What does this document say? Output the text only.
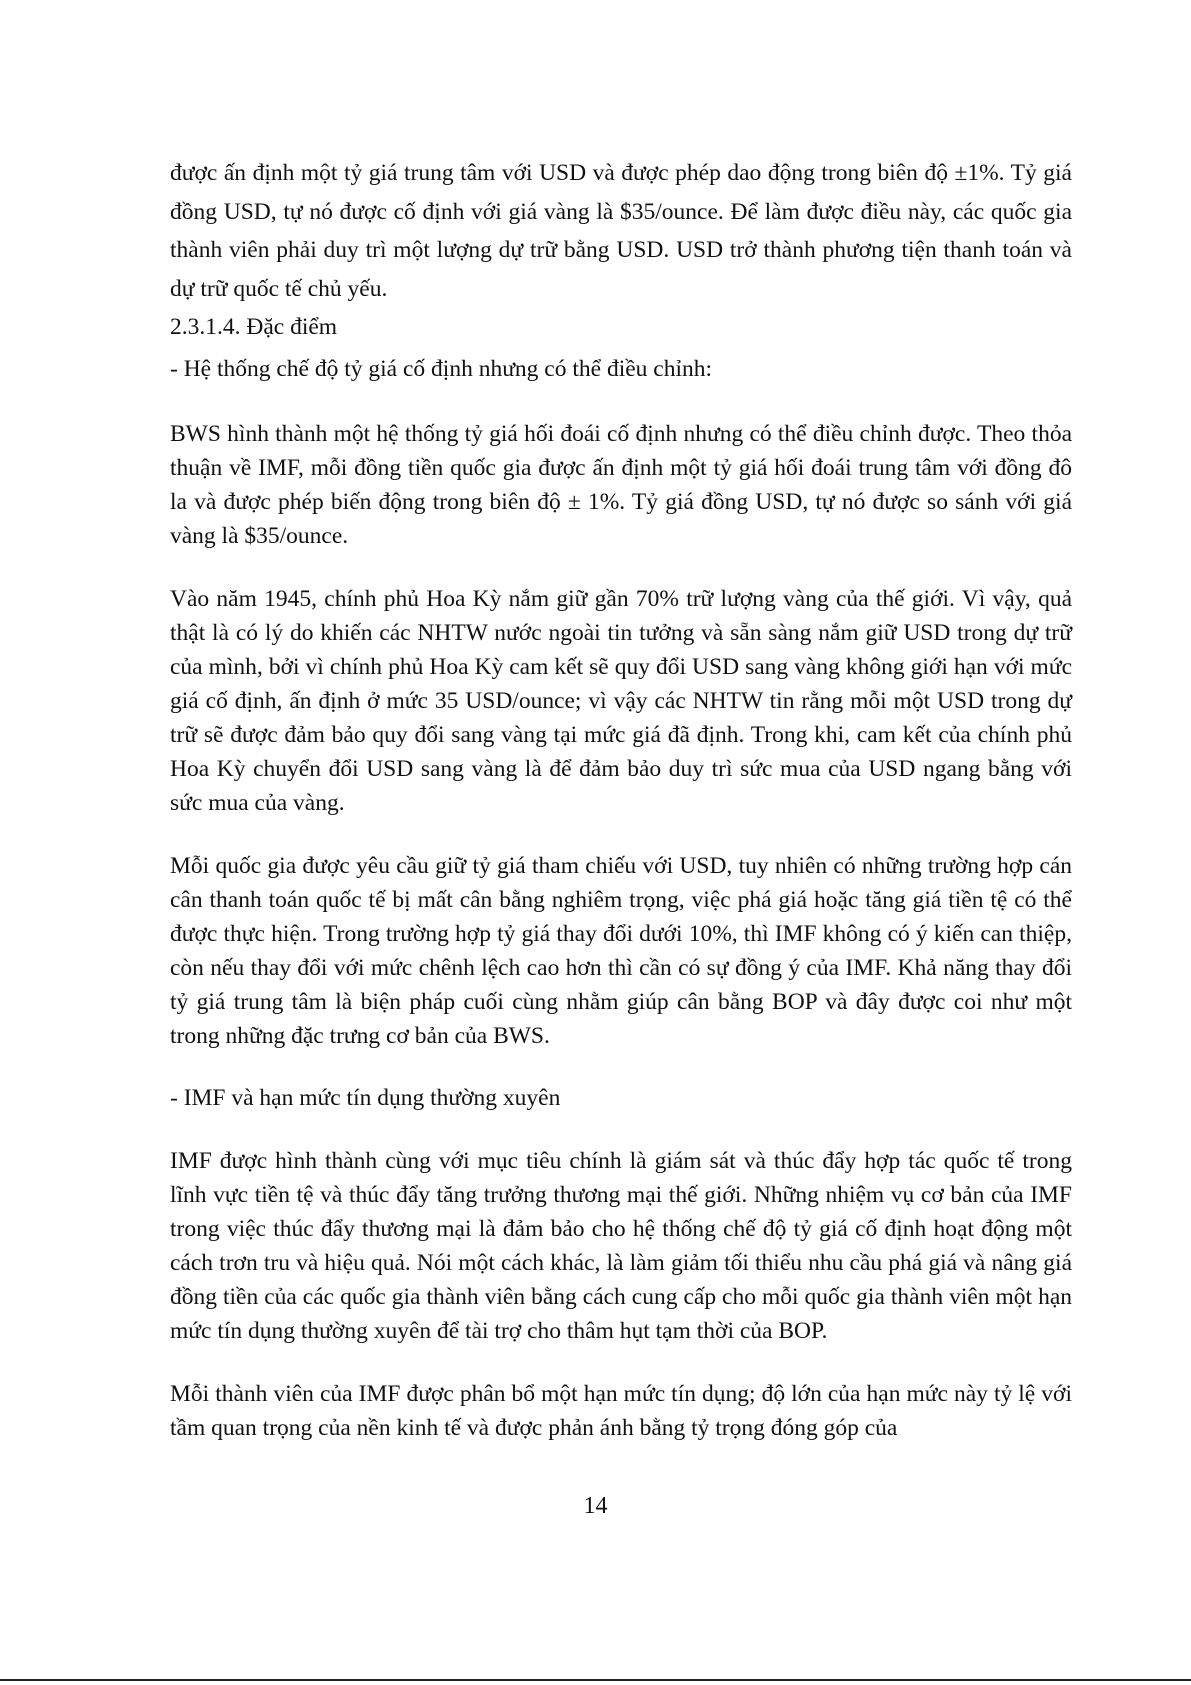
được ấn định một tỷ giá trung tâm với USD và được phép dao động trong biên độ ±1%. Tỷ giá đồng USD, tự nó được cố định với giá vàng là $35/ounce. Để làm được điều này, các quốc gia thành viên phải duy trì một lượng dự trữ bằng USD. USD trở thành phương tiện thanh toán và dự trữ quốc tế chủ yếu.

2.3.1.4. Đặc điểm

- Hệ thống chế độ tỷ giá cố định nhưng có thể điều chỉnh:

BWS hình thành một hệ thống tỷ giá hối đoái cố định nhưng có thể điều chỉnh được. Theo thỏa thuận về IMF, mỗi đồng tiền quốc gia được ấn định một tỷ giá hối đoái trung tâm với đồng đô la và được phép biến động trong biên độ ± 1%. Tỷ giá đồng USD, tự nó được so sánh với giá vàng là $35/ounce.

Vào năm 1945, chính phủ Hoa Kỳ nắm giữ gần 70% trữ lượng vàng của thế giới. Vì vậy, quả thật là có lý do khiến các NHTW nước ngoài tin tưởng và sẵn sàng nắm giữ USD trong dự trữ của mình, bởi vì chính phủ Hoa Kỳ cam kết sẽ quy đổi USD sang vàng không giới hạn với mức giá cố định, ấn định ở mức 35 USD/ounce; vì vậy các NHTW tin rằng mỗi một USD trong dự trữ sẽ được đảm bảo quy đổi sang vàng tại mức giá đã định. Trong khi, cam kết của chính phủ Hoa Kỳ chuyển đổi USD sang vàng là để đảm bảo duy trì sức mua của USD ngang bằng với sức mua của vàng.

Mỗi quốc gia được yêu cầu giữ tỷ giá tham chiếu với USD, tuy nhiên có những trường hợp cán cân thanh toán quốc tế bị mất cân bằng nghiêm trọng, việc phá giá hoặc tăng giá tiền tệ có thể được thực hiện. Trong trường hợp tỷ giá thay đổi dưới 10%, thì IMF không có ý kiến can thiệp, còn nếu thay đổi với mức chênh lệch cao hơn thì cần có sự đồng ý của IMF. Khả năng thay đổi tỷ giá trung tâm là biện pháp cuối cùng nhằm giúp cân bằng BOP và đây được coi như một trong những đặc trưng cơ bản của BWS.

- IMF và hạn mức tín dụng thường xuyên

IMF được hình thành cùng với mục tiêu chính là giám sát và thúc đẩy hợp tác quốc tế trong lĩnh vực tiền tệ và thúc đẩy tăng trưởng thương mại thế giới. Những nhiệm vụ cơ bản của IMF trong việc thúc đẩy thương mại là đảm bảo cho hệ thống chế độ tỷ giá cố định hoạt động một cách trơn tru và hiệu quả. Nói một cách khác, là làm giảm tối thiểu nhu cầu phá giá và nâng giá đồng tiền của các quốc gia thành viên bằng cách cung cấp cho mỗi quốc gia thành viên một hạn mức tín dụng thường xuyên để tài trợ cho thâm hụt tạm thời của BOP.

Mỗi thành viên của IMF được phân bổ một hạn mức tín dụng; độ lớn của hạn mức này tỷ lệ với tầm quan trọng của nền kinh tế và được phản ánh bằng tỷ trọng đóng góp của

14
